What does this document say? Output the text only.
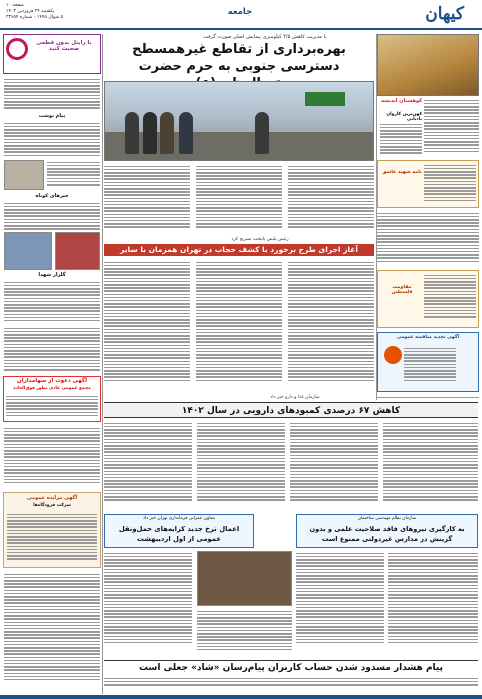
صفحه ۱۰
یکشنبه ۲۴ فروردین ۱۴۰۳
۵ شوال ۱۴۴۵ - شماره ۲۳۶۵۴
جامعه	کیهان
با رایتل بدون قطعی صحبت کنید
پیام نوشت
خبرهای کوتاه
گلزار شهدا
آگهی دعوت از سهامداران
مجمع عمومی عادی بطور فوق‌العاده
آگهی مزایده عمومی
شرکت فرودگاه‌ها
با مدیریت کاهش ۴/۵ کیلومتری پیمایش اصلی صورت گرفت
بهره‌برداری از تقاطع غیرهمسطح دسترسی جنوبی به حرم حضرت
رئیس پلیس پایتخت تشریح کرد
آغاز اجرای طرح برخورد با کشف حجاب در تهران همزمان با سایر
کوهستان اندیشه
کهن‌ترین کاروان بادبانی
نامه شهید عاشق
مقاومت فلسطین
آگهی تجدید مناقصه عمومی
سازمان غذا و دارو خبر داد
کاهش ۶۷ درصدی کمبودهای دارویی در سال ۱۴۰۲
معاون عمرانی فرمانداری تهران خبر داد
اعمال نرخ جدید کرایه‌های حمل‌ونقل عمومی از اول اردیبهشت
سازمان نظام مهندسی ساختمان
به کارگیری نیروهای فاقد صلاحیت علمی و بدون گزینش در مدارس غیردولتی ممنوع است
پیام هشدار مسدود شدن حساب کاربران پیام‌رسان «شاد» جعلی است
